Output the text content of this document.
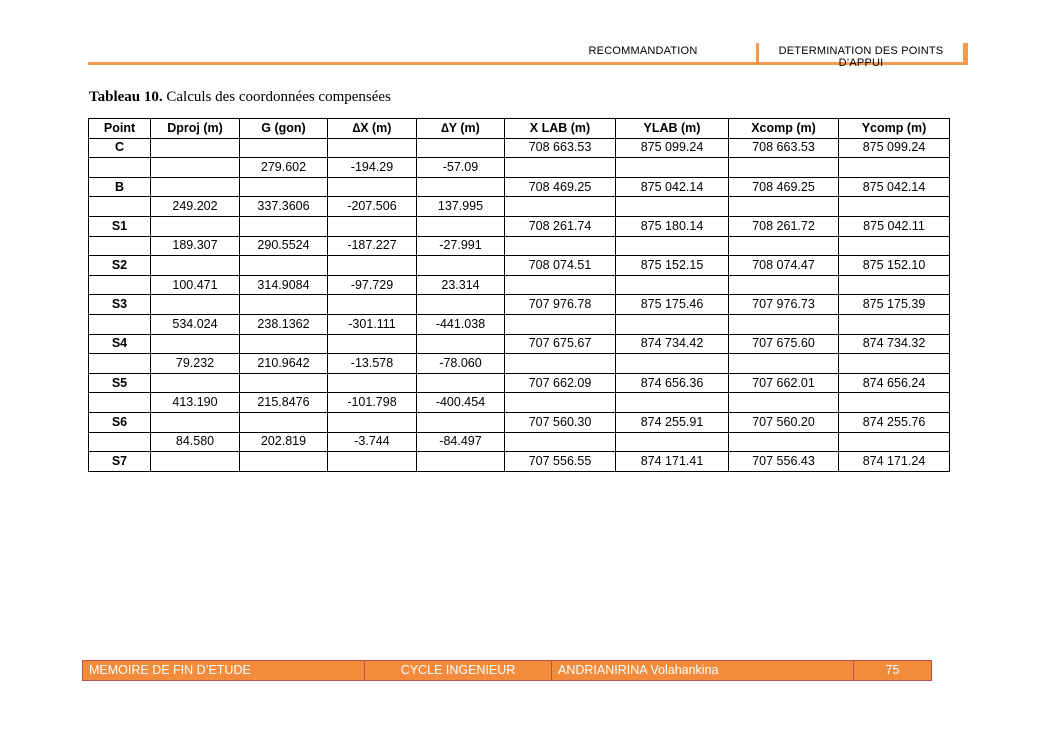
RECOMMANDATION	DETERMINATION DES POINTS D’APPUI
Tableau 10. Calculs des coordonnées compensées
Point	Dproj (m)	G (gon)	∆X (m)	∆Y (m)	X LAB (m)	YLAB (m)	Xcomp (m)	Ycomp (m)
C					708 663.53	875 099.24	708 663.53	875 099.24
		279.602	-194.29	-57.09				
B					708 469.25	875 042.14	708 469.25	875 042.14
	249.202	337.3606	-207.506	137.995				
S1					708 261.74	875 180.14	708 261.72	875 042.11
	189.307	290.5524	-187.227	-27.991				
S2					708 074.51	875 152.15	708 074.47	875 152.10
	100.471	314.9084	-97.729	23.314				
S3					707 976.78	875 175.46	707 976.73	875 175.39
	534.024	238.1362	-301.111	-441.038				
S4					707 675.67	874 734.42	707 675.60	874 734.32
	79.232	210.9642	-13.578	-78.060				
S5					707 662.09	874 656.36	707 662.01	874 656.24
	413.190	215.8476	-101.798	-400.454				
S6					707 560.30	874 255.91	707 560.20	874 255.76
	84.580	202.819	-3.744	-84.497				
S7					707 556.55	874 171.41	707 556.43	874 171.24
MEMOIRE DE FIN D’ETUDE	CYCLE INGENIEUR	ANDRIANIRINA Volahankina	75
